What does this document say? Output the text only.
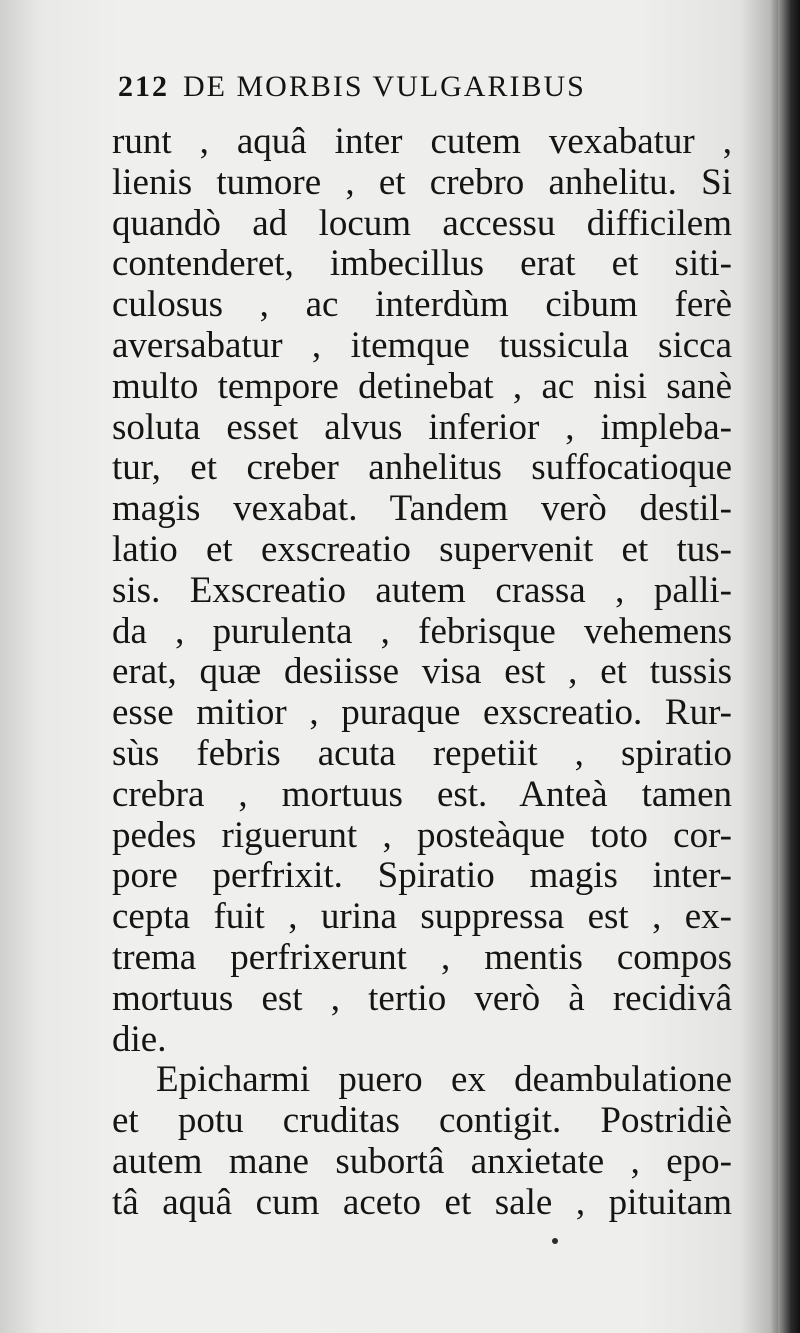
212 DE MORBIS VULGARIBUS
runt , aquâ inter cutem vexabatur ,
lienis tumore , et crebro anhelitu. Si
quandò ad locum accessu difficilem
contenderet, imbecillus erat et siti-
culosus , ac interdùm cibum ferè
aversabatur , itemque tussicula sicca
multo tempore detinebat , ac nisi sanè
soluta esset alvus inferior , impleba-
tur, et creber anhelitus suffocatioque
magis vexabat. Tandem verò destil-
latio et exscreatio supervenit et tus-
sis. Exscreatio autem crassa , palli-
da , purulenta , febrisque vehemens
erat, quæ desiisse visa est , et tussis
esse mitior , puraque exscreatio. Rur-
sùs febris acuta repetiit , spiratio
crebra , mortuus est. Anteà tamen
pedes riguerunt , posteàque toto cor-
pore perfrixit. Spiratio magis inter-
cepta fuit , urina suppressa est , ex-
trema perfrixerunt , mentis compos
mortuus est , tertio verò à recidivâ
die.
Epicharmi puero ex deambulatione
et potu cruditas contigit. Postridiè
autem mane subortâ anxietate , epo-
tâ aquâ cum aceto et sale , pituitam
